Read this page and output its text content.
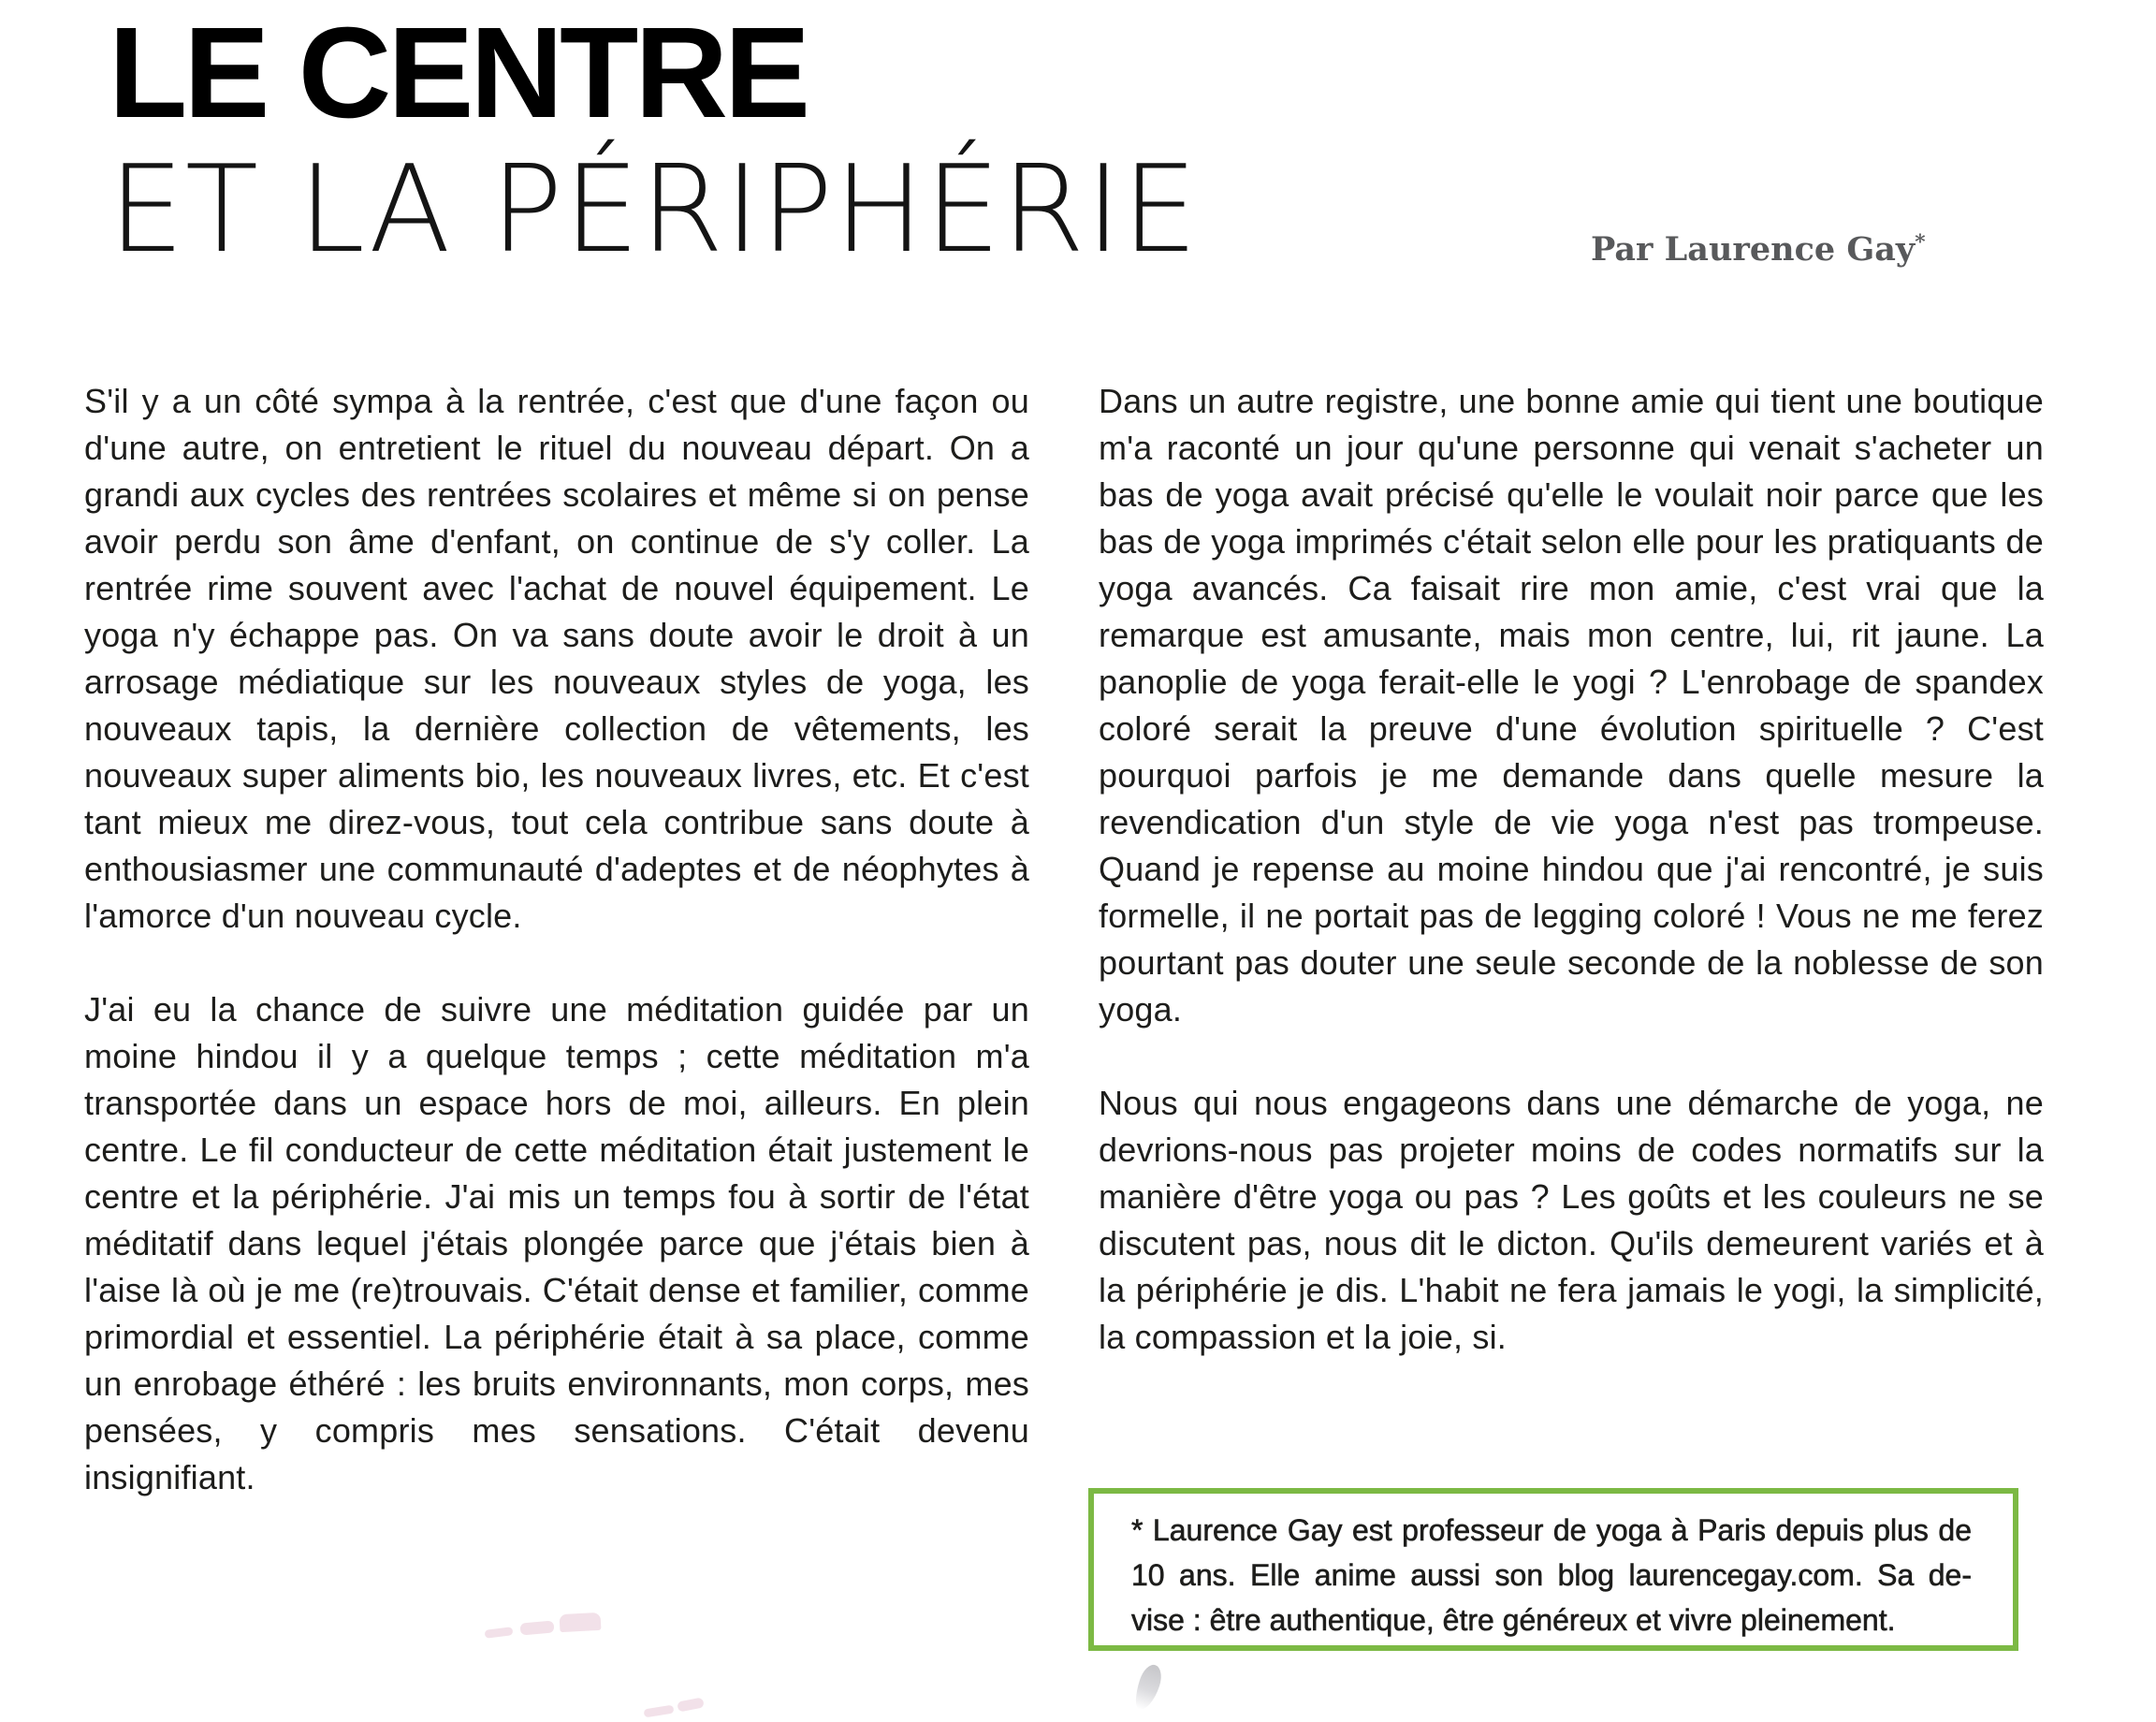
LE CENTRE
ET LA PÉRIPHÉRIE	Par Laurence Gay*

S'il y a un côté sympa à la rentrée, c'est que d'une façon ou d'une autre, on entretient le rituel du nouveau départ. On a grandi aux cycles des rentrées scolaires et même si on pense avoir perdu son âme d'enfant, on continue de s'y coller. La rentrée rime souvent avec l'achat de nouvel équipement. Le yoga n'y échappe pas. On va sans doute avoir le droit à un arrosage médiatique sur les nouveaux styles de yoga, les nouveaux tapis, la dernière collection de vêtements, les nouveaux super aliments bio, les nouveaux livres, etc. Et c'est tant mieux me direz-vous, tout cela contribue sans doute à enthousiasmer une communauté d'adeptes et de néophytes à l'amorce d'un nouveau cycle.

J'ai eu la chance de suivre une méditation guidée par un moine hindou il y a quelque temps ; cette méditation m'a transportée dans un espace hors de moi, ailleurs. En plein centre. Le fil conducteur de cette méditation était justement le centre et la périphérie. J'ai mis un temps fou à sortir de l'état méditatif dans lequel j'étais plongée parce que j'étais bien à l'aise là où je me (re)trouvais. C'était dense et familier, comme primordial et essentiel. La périphérie était à sa place, comme un enrobage éthéré : les bruits environnants, mon corps, mes pensées, y compris mes sensations. C'était devenu insignifiant.

Dans un autre registre, une bonne amie qui tient une boutique m'a raconté un jour qu'une personne qui venait s'acheter un bas de yoga avait précisé qu'elle le voulait noir parce que les bas de yoga imprimés c'était selon elle pour les pratiquants de yoga avancés. Ca faisait rire mon amie, c'est vrai que la remarque est amusante, mais mon centre, lui, rit jaune. La panoplie de yoga ferait-elle le yogi ? L'enrobage de spandex coloré serait la preuve d'une évolution spirituelle ? C'est pourquoi parfois je me demande dans quelle mesure la revendication d'un style de vie yoga n'est pas trompeuse. Quand je repense au moine hindou que j'ai rencontré, je suis formelle, il ne portait pas de legging coloré ! Vous ne me ferez pourtant pas douter une seule seconde de la noblesse de son yoga.

Nous qui nous engageons dans une démarche de yoga, ne devrions-nous pas projeter moins de codes normatifs sur la manière d'être yoga ou pas ? Les goûts et les couleurs ne se discutent pas, nous dit le dicton. Qu'ils demeurent variés et à la périphérie je dis. L'habit ne fera jamais le yogi, la simplicité, la compassion et la joie, si.

* Laurence Gay est professeur de yoga à Paris depuis plus de 10 ans. Elle anime aussi son blog laurencegay.com. Sa devise : être authentique, être généreux et vivre pleinement.
